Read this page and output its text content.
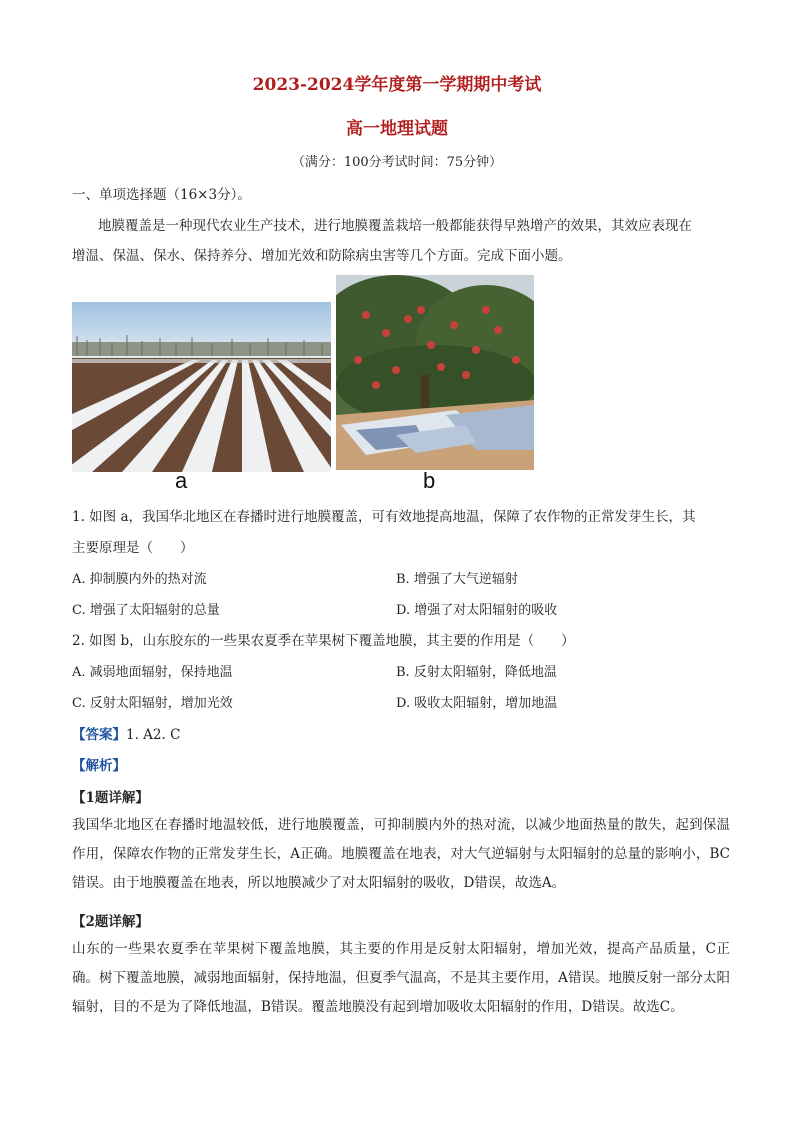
2023-2024学年度第一学期期中考试
高一地理试题
（满分：100分考试时间：75分钟）
一、单项选择题（16×3分）。
地膜覆盖是一种现代农业生产技术，进行地膜覆盖栽培一般都能获得早熟增产的效果，其效应表现在
增温、保温、保水、保持养分、增加光效和防除病虫害等几个方面。完成下面小题。
a	b
1. 如图 a，我国华北地区在春播时进行地膜覆盖，可有效地提高地温，保障了农作物的正常发芽生长，其
主要原理是（　　）
A. 抑制膜内外的热对流	B. 增强了大气逆辐射
C. 增强了太阳辐射的总量	D. 增强了对太阳辐射的吸收
2. 如图 b，山东胶东的一些果农夏季在苹果树下覆盖地膜，其主要的作用是（　　）
A. 减弱地面辐射，保持地温	B. 反射太阳辐射，降低地温
C. 反射太阳辐射，增加光效	D. 吸收太阳辐射，增加地温
【答案】1. A2. C
【解析】
【1题详解】
我国华北地区在春播时地温较低，进行地膜覆盖，可抑制膜内外的热对流，以减少地面热量的散失，起到保温作用，保障农作物的正常发芽生长，A正确。地膜覆盖在地表，对大气逆辐射与太阳辐射的总量的影响小，BC错误。由于地膜覆盖在地表，所以地膜减少了对太阳辐射的吸收，D错误，故选A。
【2题详解】
山东的一些果农夏季在苹果树下覆盖地膜，其主要的作用是反射太阳辐射，增加光效，提高产品质量，C正确。树下覆盖地膜，减弱地面辐射，保持地温，但夏季气温高，不是其主要作用，A错误。地膜反射一部分太阳辐射，目的不是为了降低地温，B错误。覆盖地膜没有起到增加吸收太阳辐射的作用，D错误。故选C。
